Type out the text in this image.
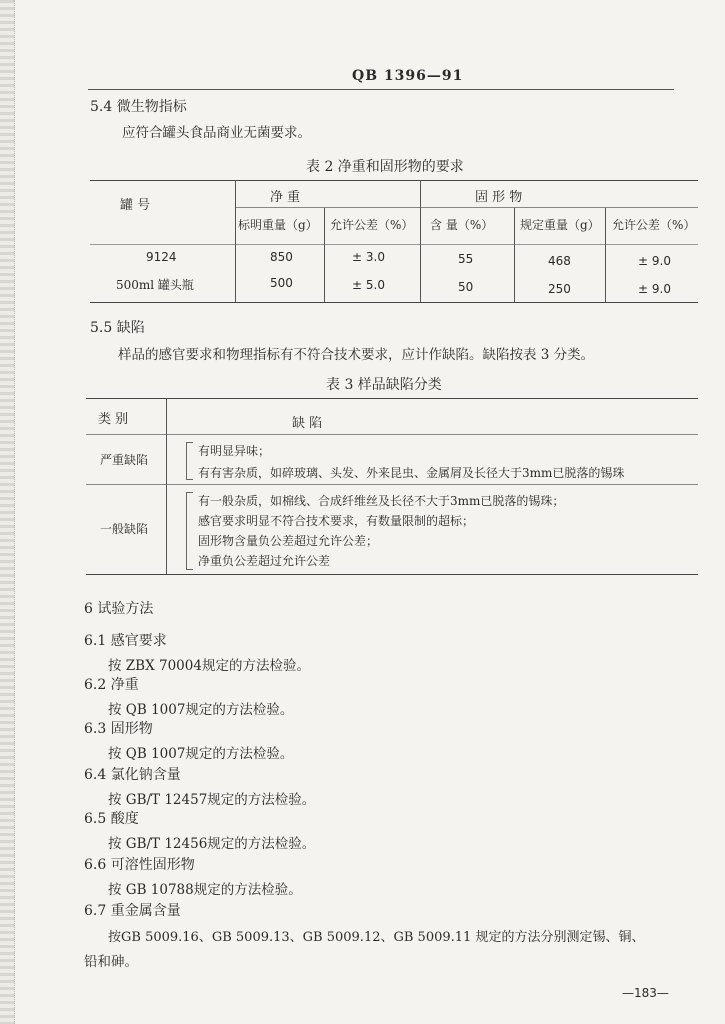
QB 1396—91
5.4 微生物指标
应符合罐头食品商业无菌要求。
表 2 净重和固形物的要求
罐 号
净 重	固 形 物
标明重量（g） 允许公差（%） 含 量（%） 规定重量（g） 允许公差（%）
9124	850	± 3.0	55	468	± 9.0
500ml 罐头瓶	500	± 5.0	50	250	± 9.0
5.5 缺陷
样品的感官要求和物理指标有不符合技术要求，应计作缺陷。缺陷按表 3 分类。
表 3 样品缺陷分类
类 别	缺 陷
严重缺陷
有明显异味；
有有害杂质，如碎玻璃、头发、外来昆虫、金属屑及长径大于3mm已脱落的锡珠
一般缺陷
有一般杂质，如棉线、合成纤维丝及长径不大于3mm已脱落的锡珠；
感官要求明显不符合技术要求，有数量限制的超标；
固形物含量负公差超过允许公差；
净重负公差超过允许公差
6 试验方法
6.1 感官要求
按 ZBX 70004规定的方法检验。
6.2 净重
按 QB 1007规定的方法检验。
6.3 固形物
按 QB 1007规定的方法检验。
6.4 氯化钠含量
按 GB/T 12457规定的方法检验。
6.5 酸度
按 GB/T 12456规定的方法检验。
6.6 可溶性固形物
按 GB 10788规定的方法检验。
6.7 重金属含量
按GB 5009.16、GB 5009.13、GB 5009.12、GB 5009.11 规定的方法分别测定锡、铜、
铅和砷。
—183—
